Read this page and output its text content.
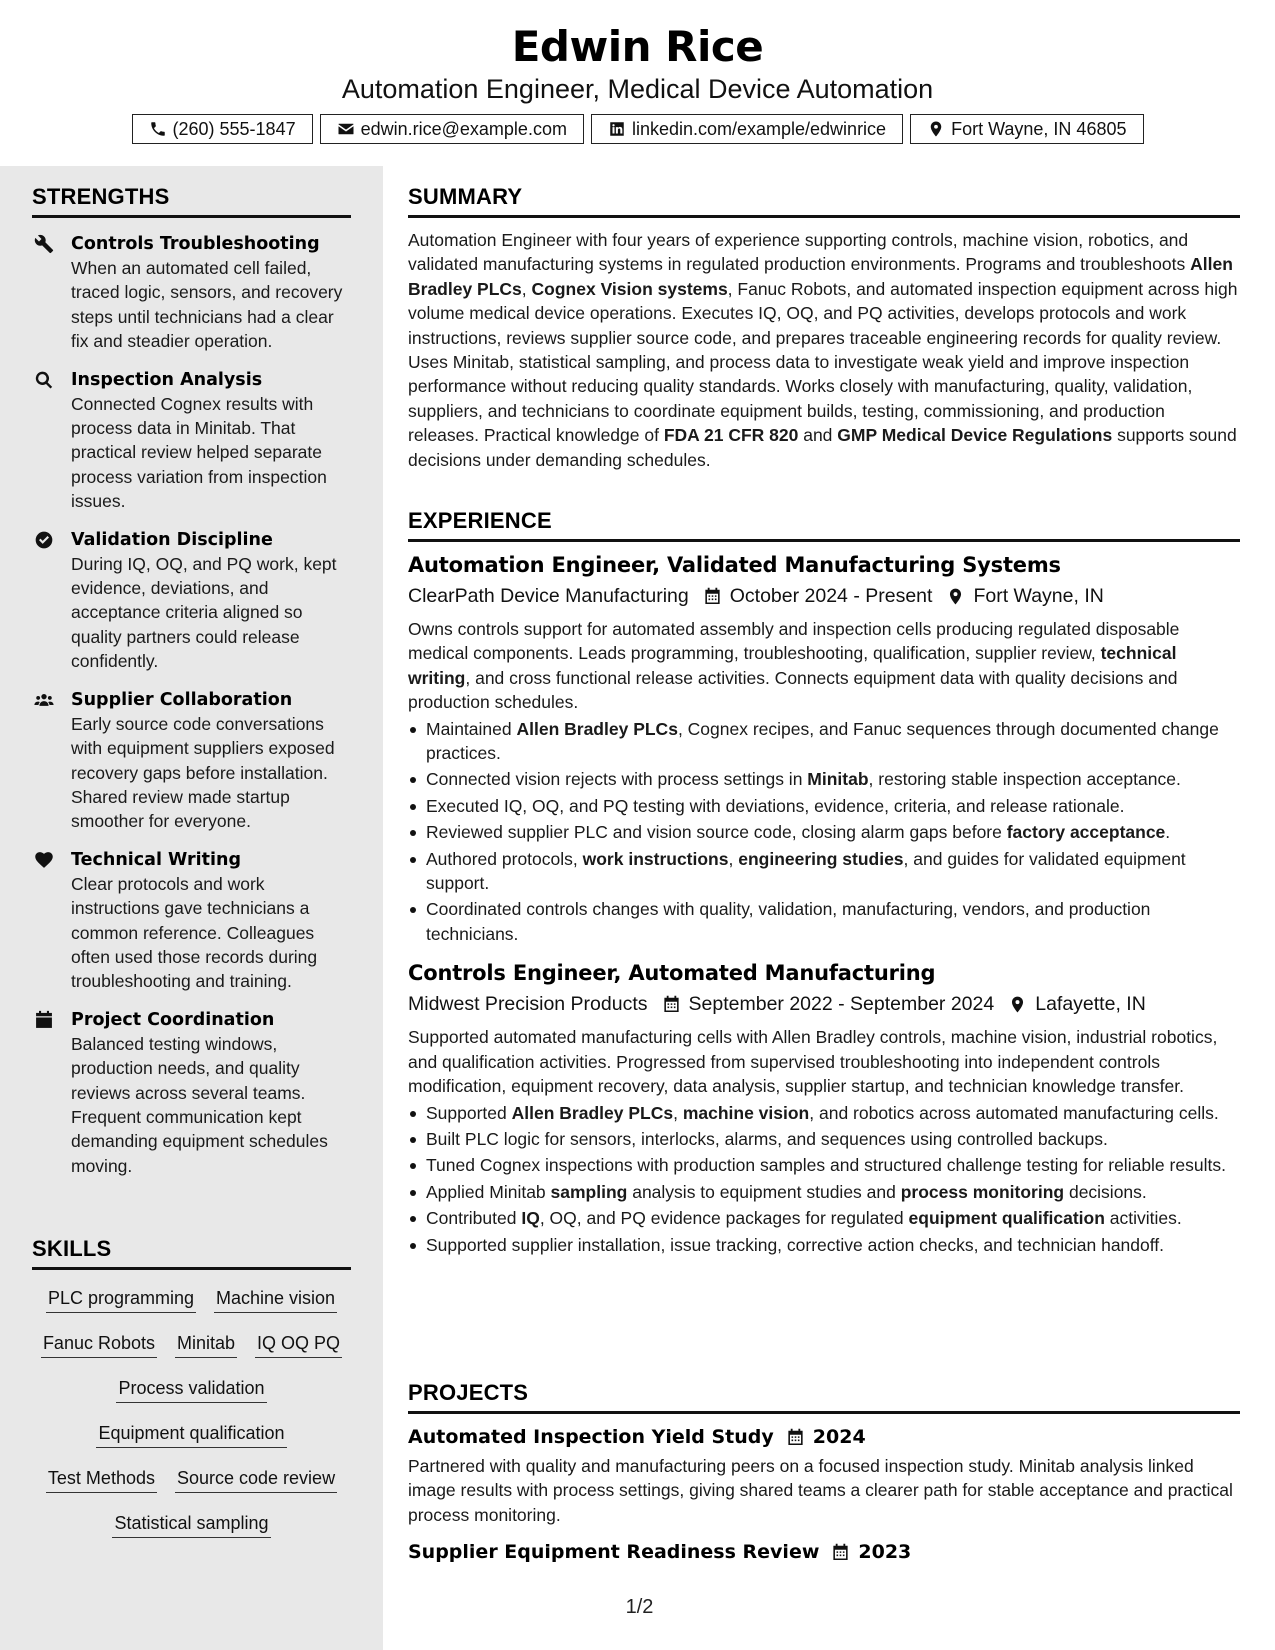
Edwin Rice
Automation Engineer, Medical Device Automation
(260) 555-1847	edwin.rice@example.com	linkedin.com/example/edwinrice	Fort Wayne, IN 46805
STRENGTHS
Controls Troubleshooting
When an automated cell failed, traced logic, sensors, and recovery steps until technicians had a clear fix and steadier operation.
Inspection Analysis
Connected Cognex results with process data in Minitab. That practical review helped separate process variation from inspection issues.
Validation Discipline
During IQ, OQ, and PQ work, kept evidence, deviations, and acceptance criteria aligned so quality partners could release confidently.
Supplier Collaboration
Early source code conversations with equipment suppliers exposed recovery gaps before installation. Shared review made startup smoother for everyone.
Technical Writing
Clear protocols and work instructions gave technicians a common reference. Colleagues often used those records during troubleshooting and training.
Project Coordination
Balanced testing windows, production needs, and quality reviews across several teams. Frequent communication kept demanding equipment schedules moving.
SKILLS
PLC programming Machine vision
Fanuc Robots Minitab IQ OQ PQ
Process validation
Equipment qualification
Test Methods Source code review
Statistical sampling
SUMMARY

Automation Engineer with four years of experience supporting controls, machine vision, robotics, and validated manufacturing systems in regulated production environments. Programs and troubleshoots Allen Bradley PLCs, Cognex Vision systems, Fanuc Robots, and automated inspection equipment across high volume medical device operations. Executes IQ, OQ, and PQ activities, develops protocols and work instructions, reviews supplier source code, and prepares traceable engineering records for quality review. Uses Minitab, statistical sampling, and process data to investigate weak yield and improve inspection performance without reducing quality standards. Works closely with manufacturing, quality, validation, suppliers, and technicians to coordinate equipment builds, testing, commissioning, and production releases. Practical knowledge of FDA 21 CFR 820 and GMP Medical Device Regulations supports sound decisions under demanding schedules.

EXPERIENCE
Automation Engineer, Validated Manufacturing Systems
ClearPath Device Manufacturing October 2024 - Present Fort Wayne, IN
Owns controls support for automated assembly and inspection cells producing regulated disposable medical components. Leads programming, troubleshooting, qualification, supplier review, technical writing, and cross functional release activities. Connects equipment data with quality decisions and production schedules.
Maintained Allen Bradley PLCs, Cognex recipes, and Fanuc sequences through documented change practices.
Connected vision rejects with process settings in Minitab, restoring stable inspection acceptance.
Executed IQ, OQ, and PQ testing with deviations, evidence, criteria, and release rationale.
Reviewed supplier PLC and vision source code, closing alarm gaps before factory acceptance.
Authored protocols, work instructions, engineering studies, and guides for validated equipment support.
Coordinated controls changes with quality, validation, manufacturing, vendors, and production technicians.
Controls Engineer, Automated Manufacturing
Midwest Precision Products September 2022 - September 2024 Lafayette, IN
Supported automated manufacturing cells with Allen Bradley controls, machine vision, industrial robotics, and qualification activities. Progressed from supervised troubleshooting into independent controls modification, equipment recovery, data analysis, supplier startup, and technician knowledge transfer.
Supported Allen Bradley PLCs, machine vision, and robotics across automated manufacturing cells.
Built PLC logic for sensors, interlocks, alarms, and sequences using controlled backups.
Tuned Cognex inspections with production samples and structured challenge testing for reliable results.
Applied Minitab sampling analysis to equipment studies and process monitoring decisions.
Contributed IQ, OQ, and PQ evidence packages for regulated equipment qualification activities.
Supported supplier installation, issue tracking, corrective action checks, and technician handoff.
PROJECTS
Automated Inspection Yield Study 2024
Partnered with quality and manufacturing peers on a focused inspection study. Minitab analysis linked image results with process settings, giving shared teams a clearer path for stable acceptance and practical process monitoring.
Supplier Equipment Readiness Review 2023
1/2
